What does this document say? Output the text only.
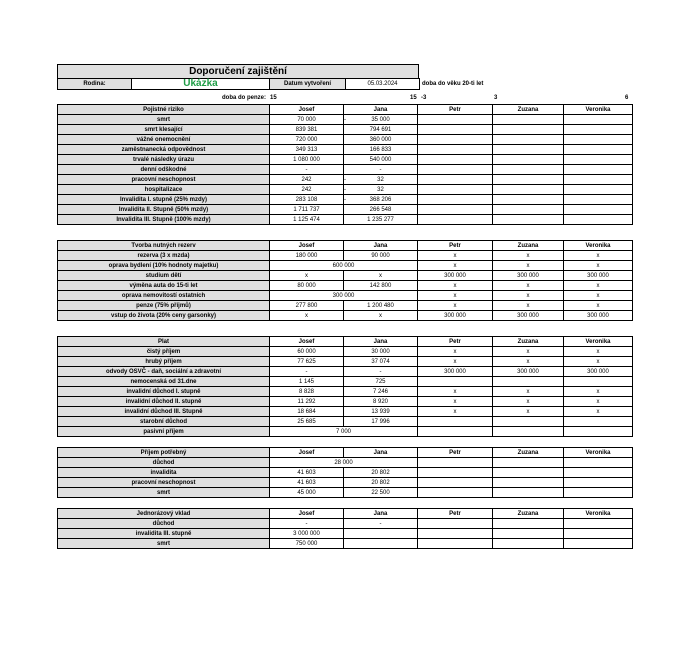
Doporučení zajištění
Rodina:	Ukázka	Datum vytvoření	05.03.2024	doba do věku 20-ti let
doba do penze: 15	15 -3	3	6
Pojistné riziko	Josef	Jana	Petr	Zuzana	Veronika
smrt	70 000 -	35 000			
smrt klesající	839 381	794 691			
vážné onemocnění	720 000	360 000			
zaměstnanecká odpovědnost	349 313	166 833			
trvalé následky úrazu	1 080 000	540 000			
denní odškodné	-	-			
pracovní neschopnost	242 -	32			
hospitalizace	242 -	32			
Invalidita I. stupně (25% mzdy)	283 108 -	368 206			
Invalidita II. Stupně (50% mzdy)	1 711 737	266 548			
Invalidita III. Stupně (100% mzdy)	1 125 474	1 235 277			

Tvorba nutných rezerv	Josef	Jana	Petr	Zuzana	Veronika
rezerva (3 x mzda)	180 000	90 000	x	x	x
oprava bydlení (10% hodnoty majetku)	600 000		x	x	x
studium dětí	x	x	300 000	300 000	300 000
výměna auta do 15-ti let	80 000	142 800	x	x	x
oprava nemovitostí ostatních	300 000		x	x	x
penze (75% příjmů)	277 800	1 200 480	x	x	x
vstup do života (20% ceny garsonky)	x	x	300 000	300 000	300 000

Plat	Josef	Jana	Petr	Zuzana	Veronika
čistý příjem	60 000	30 000	x	x	x
hrubý příjem	77 625	37 074	x	x	x
odvody OSVČ - daň, sociální a zdravotní	-	-	300 000	300 000	300 000
nemocenská od 31.dne	1 145	725			
invalidní důchod I. stupně	8 828	7 246	x	x	x
invalidní důchod II. stupně	11 292	8 920	x	x	x
invalidní důchod III. Stupně	18 684	13 939	x	x	x
starobní důchod	25 685	17 996			
pasivní příjem	7 000				

Příjem potřebný	Josef	Jana	Petr	Zuzana	Veronika
důchod	28 000				
invalidita	41 603	20 802			
pracovní neschopnost	41 603	20 802			
smrt	45 000	22 500			

Jednorázový vklad	Josef	Jana	Petr	Zuzana	Veronika
důchod	-	-			
invalidita III. stupně	3 000 000				
smrt	750 000				
